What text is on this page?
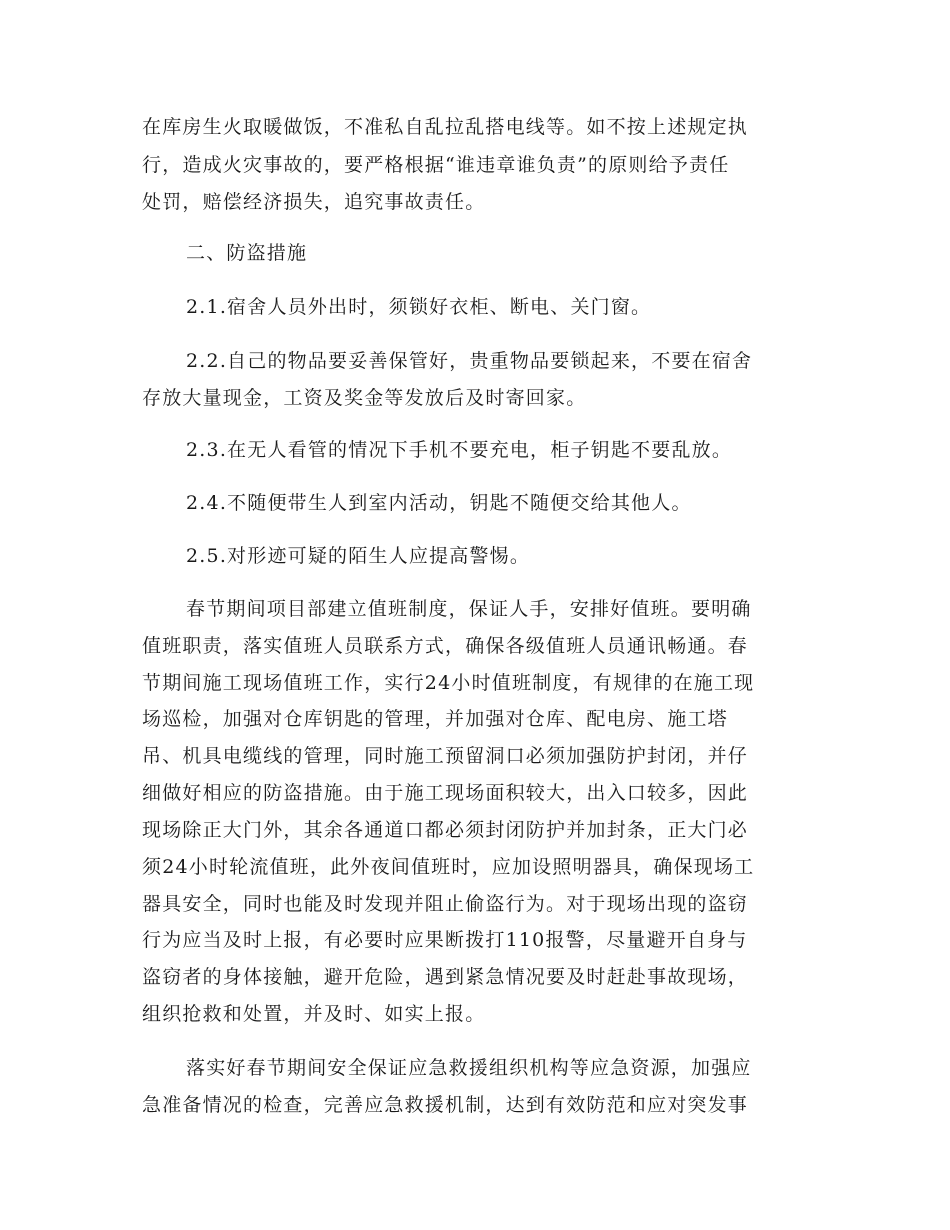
在库房生火取暖做饭，不准私自乱拉乱搭电线等。如不按上述规定执
行，造成火灾事故的，要严格根据“谁违章谁负责”的原则给予责任
处罚，赔偿经济损失，追究事故责任。
二、防盗措施
2.1.宿舍人员外出时，须锁好衣柜、断电、关门窗。
2.2.自己的物品要妥善保管好，贵重物品要锁起来，不要在宿舍
存放大量现金，工资及奖金等发放后及时寄回家。
2.3.在无人看管的情况下手机不要充电，柜子钥匙不要乱放。
2.4.不随便带生人到室内活动，钥匙不随便交给其他人。
2.5.对形迹可疑的陌生人应提高警惕。
春节期间项目部建立值班制度，保证人手，安排好值班。要明确
值班职责，落实值班人员联系方式，确保各级值班人员通讯畅通。春
节期间施工现场值班工作，实行24小时值班制度，有规律的在施工现
场巡检，加强对仓库钥匙的管理，并加强对仓库、配电房、施工塔
吊、机具电缆线的管理，同时施工预留洞口必须加强防护封闭，并仔
细做好相应的防盗措施。由于施工现场面积较大，出入口较多，因此
现场除正大门外，其余各通道口都必须封闭防护并加封条，正大门必
须24小时轮流值班，此外夜间值班时，应加设照明器具，确保现场工
器具安全，同时也能及时发现并阻止偷盗行为。对于现场出现的盗窃
行为应当及时上报，有必要时应果断拨打110报警，尽量避开自身与
盗窃者的身体接触，避开危险，遇到紧急情况要及时赶赴事故现场，
组织抢救和处置，并及时、如实上报。
落实好春节期间安全保证应急救援组织机构等应急资源，加强应
急准备情况的检查，完善应急救援机制，达到有效防范和应对突发事
